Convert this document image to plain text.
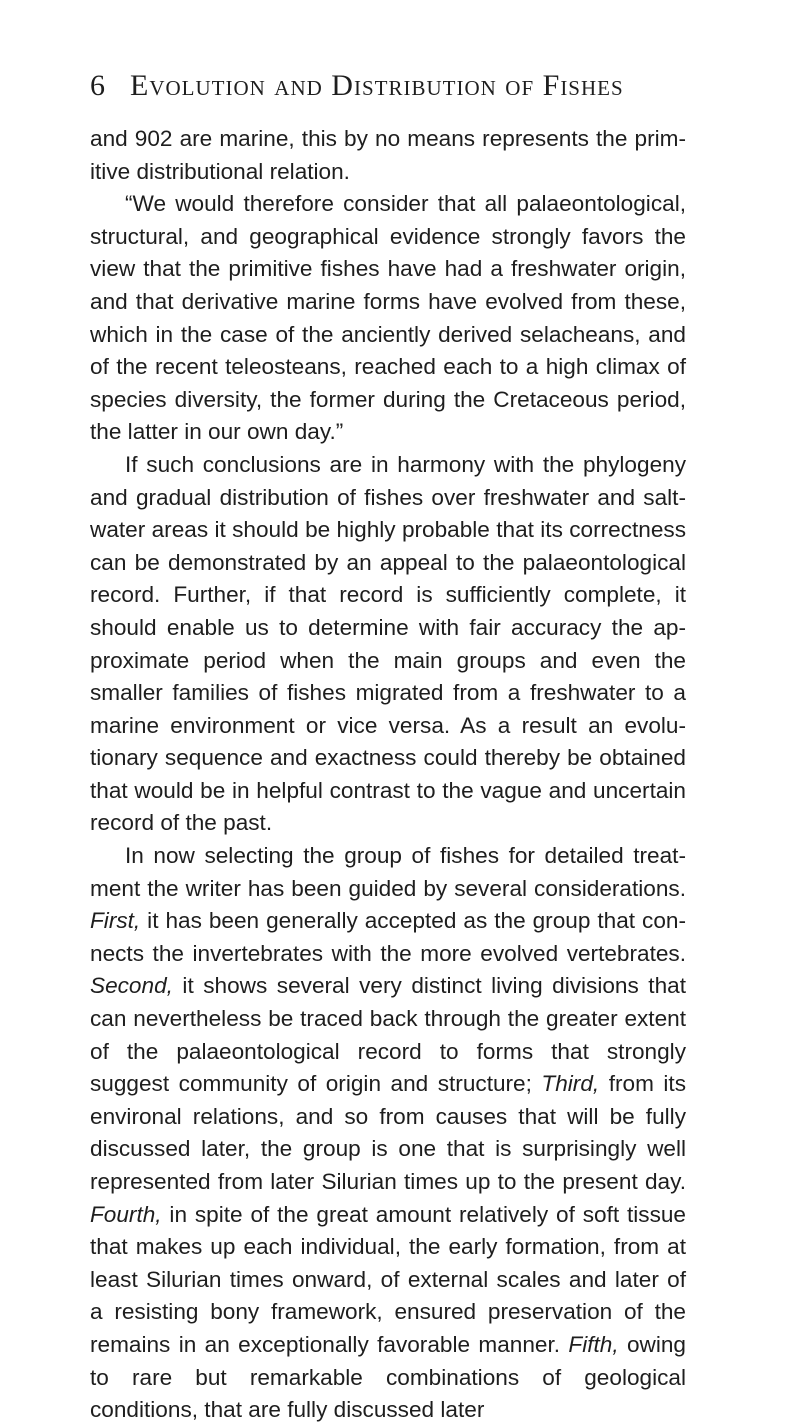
6 Evolution and Distribution of Fishes

and 902 are marine, this by no means represents the primitive distributional relation.

“We would therefore consider that all palaeontological, structural, and geographical evidence strongly favors the view that the primitive fishes have had a freshwater origin, and that derivative marine forms have evolved from these, which in the case of the anciently derived selacheans, and of the recent teleosteans, reached each to a high climax of species diversity, the former during the Cretaceous period, the latter in our own day.”

If such conclusions are in harmony with the phylogeny and gradual distribution of fishes over freshwater and saltwater areas it should be highly probable that its correctness can be demonstrated by an appeal to the palaeontological record. Further, if that record is sufficiently complete, it should enable us to determine with fair accuracy the approximate period when the main groups and even the smaller families of fishes migrated from a freshwater to a marine environment or vice versa. As a result an evolutionary sequence and exactness could thereby be obtained that would be in helpful contrast to the vague and uncertain record of the past.

In now selecting the group of fishes for detailed treatment the writer has been guided by several considerations. First, it has been generally accepted as the group that connects the invertebrates with the more evolved vertebrates. Second, it shows several very distinct living divisions that can nevertheless be traced back through the greater extent of the palaeontological record to forms that strongly suggest community of origin and structure; Third, from its environal relations, and so from causes that will be fully discussed later, the group is one that is surprisingly well represented from later Silurian times up to the present day. Fourth, in spite of the great amount relatively of soft tissue that makes up each individual, the early formation, from at least Silurian times onward, of external scales and later of a resisting bony framework, ensured preservation of the remains in an exceptionally favorable manner. Fifth, owing to rare but remarkable combinations of geological conditions, that are fully discussed later
